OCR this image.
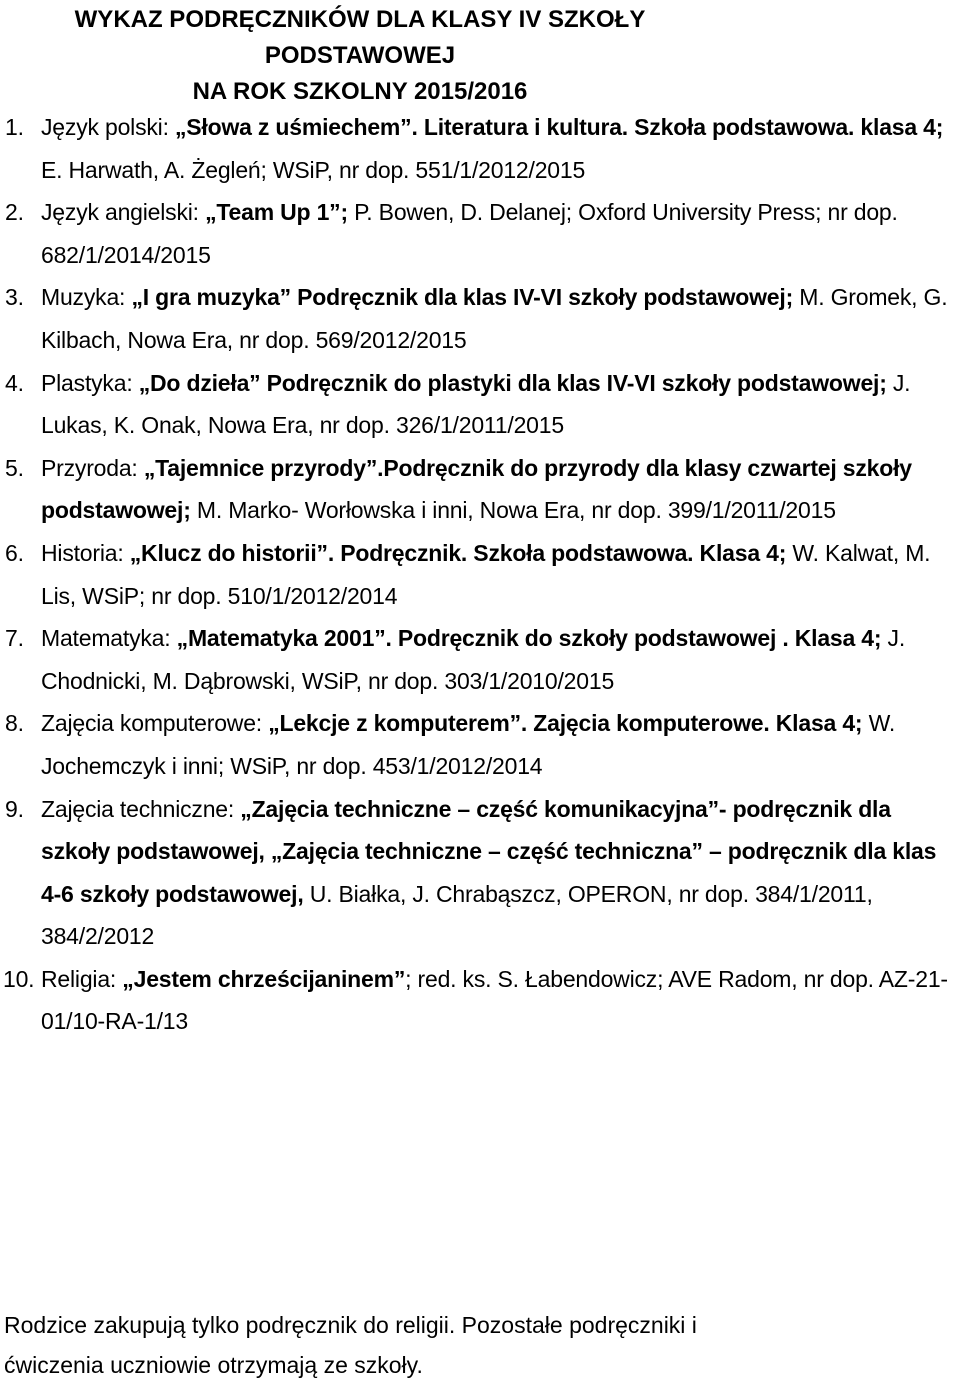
WYKAZ PODRĘCZNIKÓW DLA KLASY IV SZKOŁY PODSTAWOWEJ
NA ROK SZKOLNY 2015/2016
1. Język polski: „Słowa z uśmiechem”. Literatura i kultura. Szkoła podstawowa. klasa 4; E. Harwath, A. Żegleń; WSiP, nr dop. 551/1/2012/2015
2. Język angielski: „Team Up 1”; P. Bowen, D. Delanej; Oxford University Press; nr dop. 682/1/2014/2015
3. Muzyka: „I gra muzyka” Podręcznik dla klas IV-VI szkoły podstawowej; M. Gromek, G. Kilbach, Nowa Era, nr dop. 569/2012/2015
4. Plastyka: „Do dzieła” Podręcznik do plastyki dla klas IV-VI szkoły podstawowej; J. Lukas, K. Onak, Nowa Era, nr dop. 326/1/2011/2015
5. Przyroda: „Tajemnice przyrody”.Podręcznik do przyrody dla klasy czwartej szkoły podstawowej; M. Marko- Worłowska i inni, Nowa Era, nr dop. 399/1/2011/2015
6. Historia: „Klucz do historii”. Podręcznik. Szkoła podstawowa. Klasa 4; W. Kalwat, M. Lis, WSiP; nr dop. 510/1/2012/2014
7. Matematyka: „Matematyka 2001”. Podręcznik do szkoły podstawowej . Klasa 4; J. Chodnicki, M. Dąbrowski, WSiP, nr dop. 303/1/2010/2015
8. Zajęcia komputerowe: „Lekcje z komputerem”. Zajęcia komputerowe. Klasa 4; W. Jochemczyk i inni; WSiP, nr dop. 453/1/2012/2014
9. Zajęcia techniczne: „Zajęcia techniczne – część komunikacyjna”- podręcznik dla szkoły podstawowej, „Zajęcia techniczne – część techniczna” – podręcznik dla klas 4-6 szkoły podstawowej, U. Białka, J. Chrabąszcz, OPERON, nr dop. 384/1/2011, 384/2/2012
10. Religia: „Jestem chrześcijaninem”; red. ks. S. Łabendowicz; AVE Radom, nr dop. AZ-21-01/10-RA-1/13

Rodzice zakupują tylko podręcznik do religii. Pozostałe podręczniki i
ćwiczenia uczniowie otrzymają ze szkoły.
